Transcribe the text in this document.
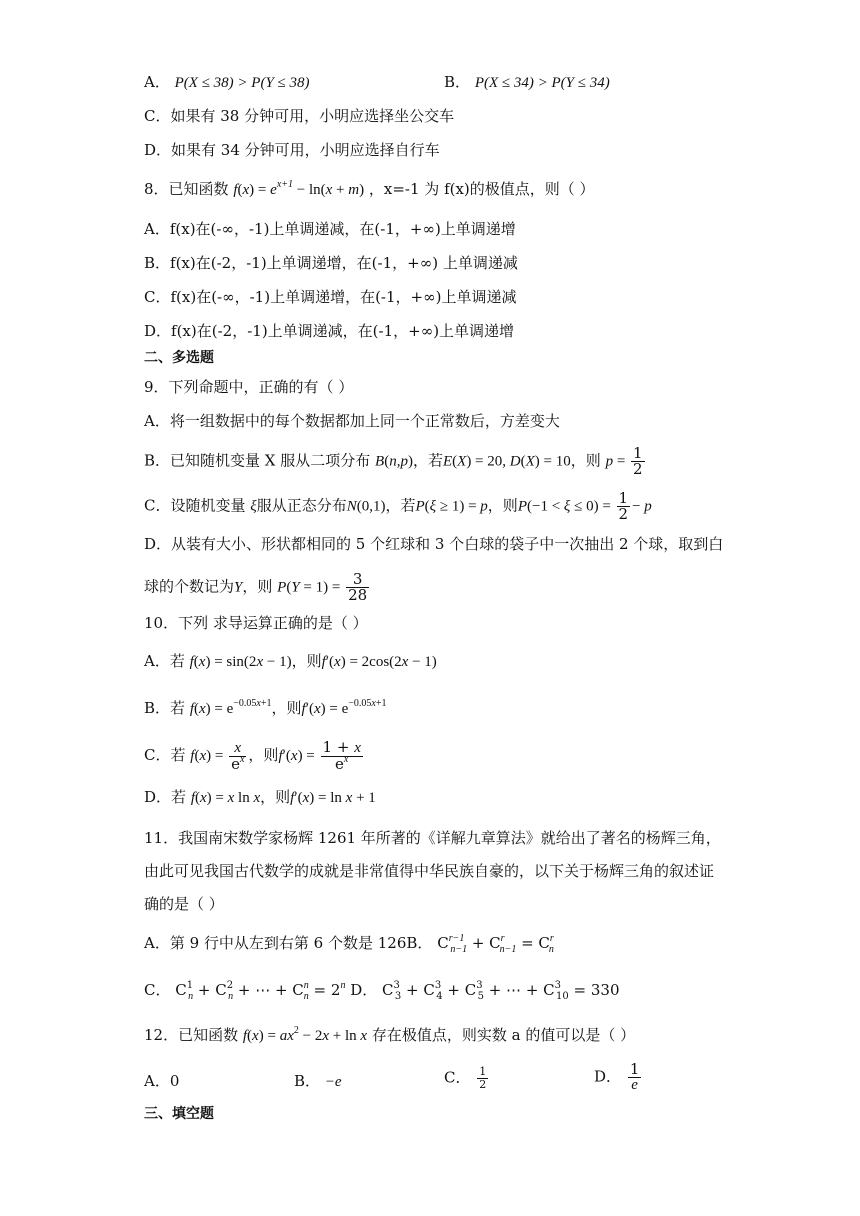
A． P(X ≤ 38) > P(Y ≤ 38)	B． P(X ≤ 34) > P(Y ≤ 34)
C．如果有 38 分钟可用，小明应选择坐公交车
D．如果有 34 分钟可用，小明应选择自行车
8．已知函数 $f(x) = e^{x+1} - \ln(x + m)$ ，x=-1 为 f(x)的极值点，则（ ）
A．f(x)在(-∞，-1)上单调递减，在(-1，+∞)上单调递增
B．f(x)在(-2，-1)上单调递增，在(-1，+∞) 上单调递减
C．f(x)在(-∞，-1)上单调递增，在(-1，+∞)上单调递减
D．f(x)在(-2，-1)上单调递减，在(-1，+∞)上单调递增
二、多选题
9．下列命题中，正确的有（ ）
A．将一组数据中的每个数据都加上同一个正常数后，方差变大
B．已知随机变量 X 服从二项分布 B(n,p)，若E(X) = 20, D(X) = 10，则 $p = \frac{1}{2}$
C．设随机变量 ξ服从正态分布N(0,1)，若P(ξ ≥ 1) = p，则$P(-1 < \xi \le 0) = \frac{1}{2} - p$
D．从装有大小、形状都相同的 5 个红球和 3 个白球的袋子中一次抽出 2 个球，取到白
球的个数记为Y，则 $P(Y = 1) = \frac{3}{28}$
10．下列 求导运算正确的是（ ）
A．若 f(x) = sin(2x − 1)，则f′(x) = 2cos(2x − 1)
B．若 $f(x) = e^{-0.05x+1}$，则$f'(x) = e^{-0.05x+1}$
C．若 $f(x) = \frac{x}{e^x}$ ，则$f'(x) = \frac{1 + x}{e^x}$
D．若 f(x) = x ln x，则f′(x) = ln x + 1
11．我国南宋数学家杨辉 1261 年所著的《详解九章算法》就给出了著名的杨辉三角，
由此可见我国古代数学的成就是非常值得中华民族自豪的，以下关于杨辉三角的叙述证
确的是（ ）
A．第 9 行中从左到右第 6 个数是 126B． $C^{r-1}_{n-1} + C^r_{n-1} = C^r_n$
C． $C^1_n + C^2_n$ + ⋯ + $C^n_n = 2^n$ D． $C^3_3 + C^3_4 + C^3_5$ + ⋯ + $C^3_{10} = 330$
12．已知函数 $f(x) = ax^2 - 2x + \ln x$ 存在极值点，则实数 a 的值可以是（ ）
A．0	B． −e	C． $\frac{1}{2}$	D． $\frac{1}{e}$
三、填空题
